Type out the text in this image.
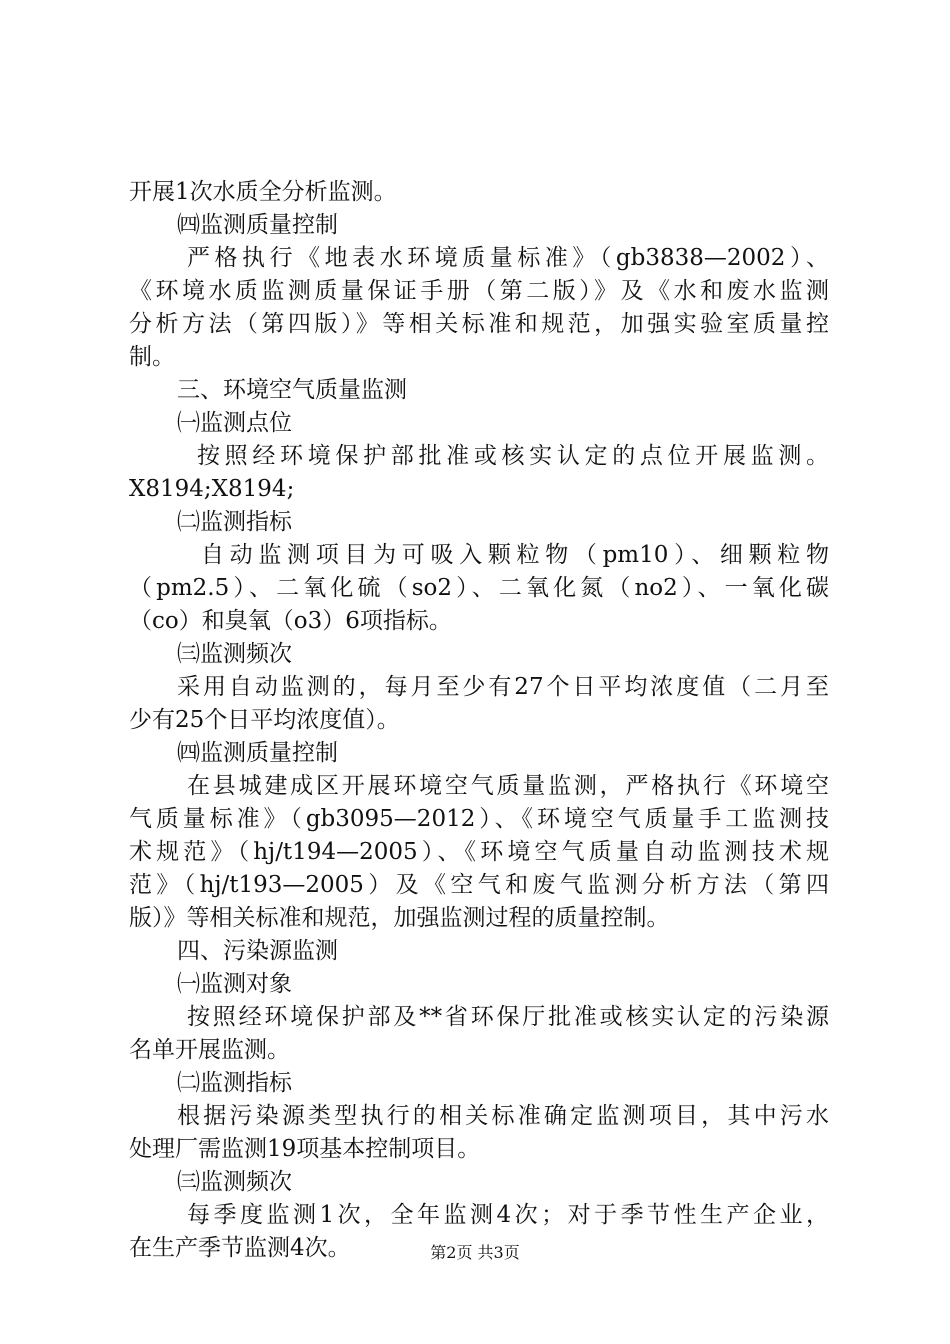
开展1次水质全分析监测。
㈣监测质量控制
严格执行《地表水环境质量标准》（gb3838—2002）、
《环境水质监测质量保证手册（第二版）》及《水和废水监测
分析方法（第四版）》等相关标准和规范，加强实验室质量控
制。
三、环境空气质量监测
㈠监测点位
按照经环境保护部批准或核实认定的点位开展监测。
X8194;X8194;
㈡监测指标
自动监测项目为可吸入颗粒物（pm10）、细颗粒物
（pm2.5）、二氧化硫（so2）、二氧化氮（no2）、一氧化碳
（co）和臭氧（o3）6项指标。
㈢监测频次
采用自动监测的，每月至少有27个日平均浓度值（二月至
少有25个日平均浓度值）。
㈣监测质量控制
在县城建成区开展环境空气质量监测，严格执行《环境空
气质量标准》（gb3095—2012）、《环境空气质量手工监测技
术规范》（hj/t194—2005）、《环境空气质量自动监测技术规
范》（hj/t193—2005）及《空气和废气监测分析方法（第四
版）》等相关标准和规范，加强监测过程的质量控制。
四、污染源监测
㈠监测对象
按照经环境保护部及**省环保厅批准或核实认定的污染源
名单开展监测。
㈡监测指标
根据污染源类型执行的相关标准确定监测项目，其中污水
处理厂需监测19项基本控制项目。
㈢监测频次
每季度监测1次，全年监测4次；对于季节性生产企业，
在生产季节监测4次。	第2页 共3页
